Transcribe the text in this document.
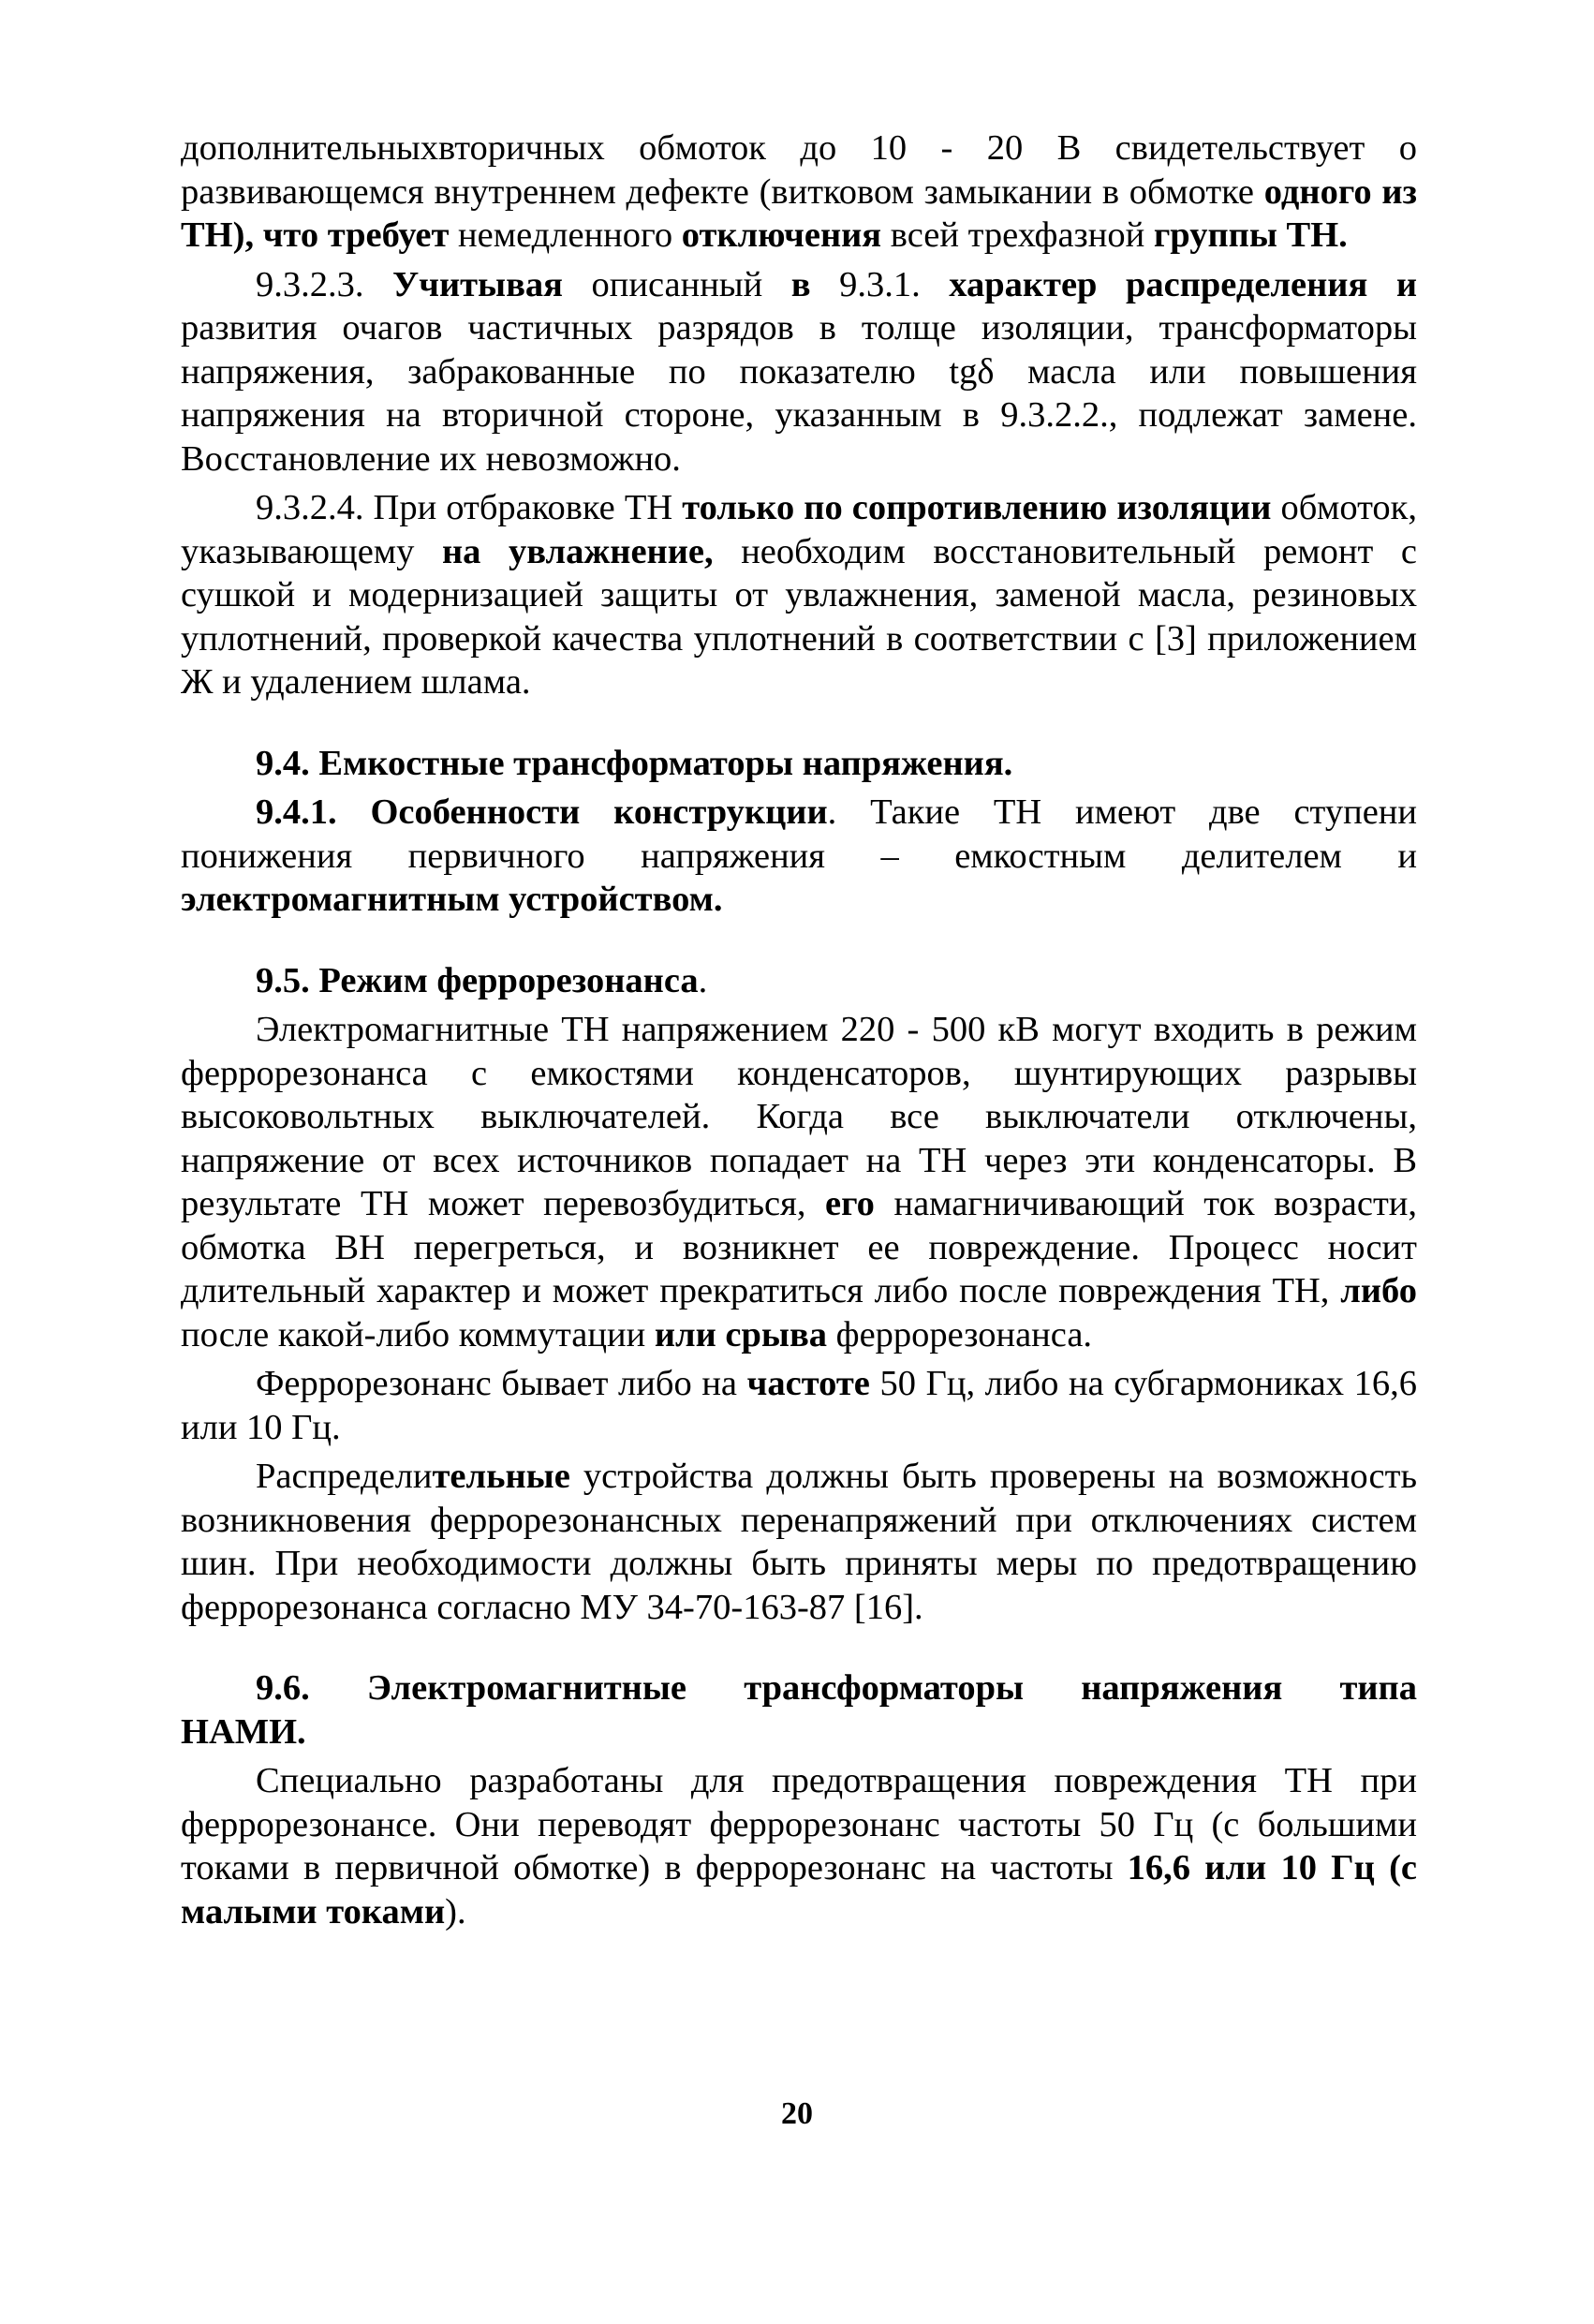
дополнительныхвторичных обмоток до 10 - 20 В свидетельствует о развивающемся внутреннем дефекте (витковом замыкании в обмотке одного из ТН), что требует немедленного отключения всей трехфазной группы ТН.

9.3.2.3. Учитывая описанный в 9.3.1. характер распределения и развития очагов частичных разрядов в толще изоляции, трансформаторы напряжения, забракованные по показателю tgδ масла или повышения напряжения на вторичной стороне, указанным в 9.3.2.2., подлежат замене. Восстановление их невозможно.

9.3.2.4. При отбраковке ТН только по сопротивлению изоляции обмоток, указывающему на увлажнение, необходим восстановительный ремонт с сушкой и модернизацией защиты от увлажнения, заменой масла, резиновых уплотнений, проверкой качества уплотнений в соответствии с [3] приложением Ж и удалением шлама.

9.4. Емкостные трансформаторы напряжения.

9.4.1. Особенности конструкции. Такие ТН имеют две ступени понижения первичного напряжения – емкостным делителем и электромагнитным устройством.

9.5. Режим феррорезонанса.

Электромагнитные ТН напряжением 220 - 500 кВ могут входить в режим феррорезонанса с емкостями конденсаторов, шунтирующих разрывы высоковольтных выключателей. Когда все выключатели отключены, напряжение от всех источников попадает на ТН через эти конденсаторы. В результате ТН может перевозбудиться, его намагничивающий ток возрасти, обмотка ВН перегреться, и возникнет ее повреждение. Процесс носит длительный характер и может прекратиться либо после повреждения ТН, либо после какой-либо коммутации или срыва феррорезонанса.

Феррорезонанс бывает либо на частоте 50 Гц, либо на субгармониках 16,6 или 10 Гц.

Распределительные устройства должны быть проверены на возможность возникновения феррорезонансных перенапряжений при отключениях систем шин. При необходимости должны быть приняты меры по предотвращению феррорезонанса согласно МУ 34-70-163-87 [16].

9.6. Электромагнитные трансформаторы напряжения типа

НАМИ.

Специально разработаны для предотвращения повреждения ТН при феррорезонансе. Они переводят феррорезонанс частоты 50 Гц (с большими токами в первичной обмотке) в феррорезонанс на частоты 16,6 или 10 Гц (с малыми токами).

20
